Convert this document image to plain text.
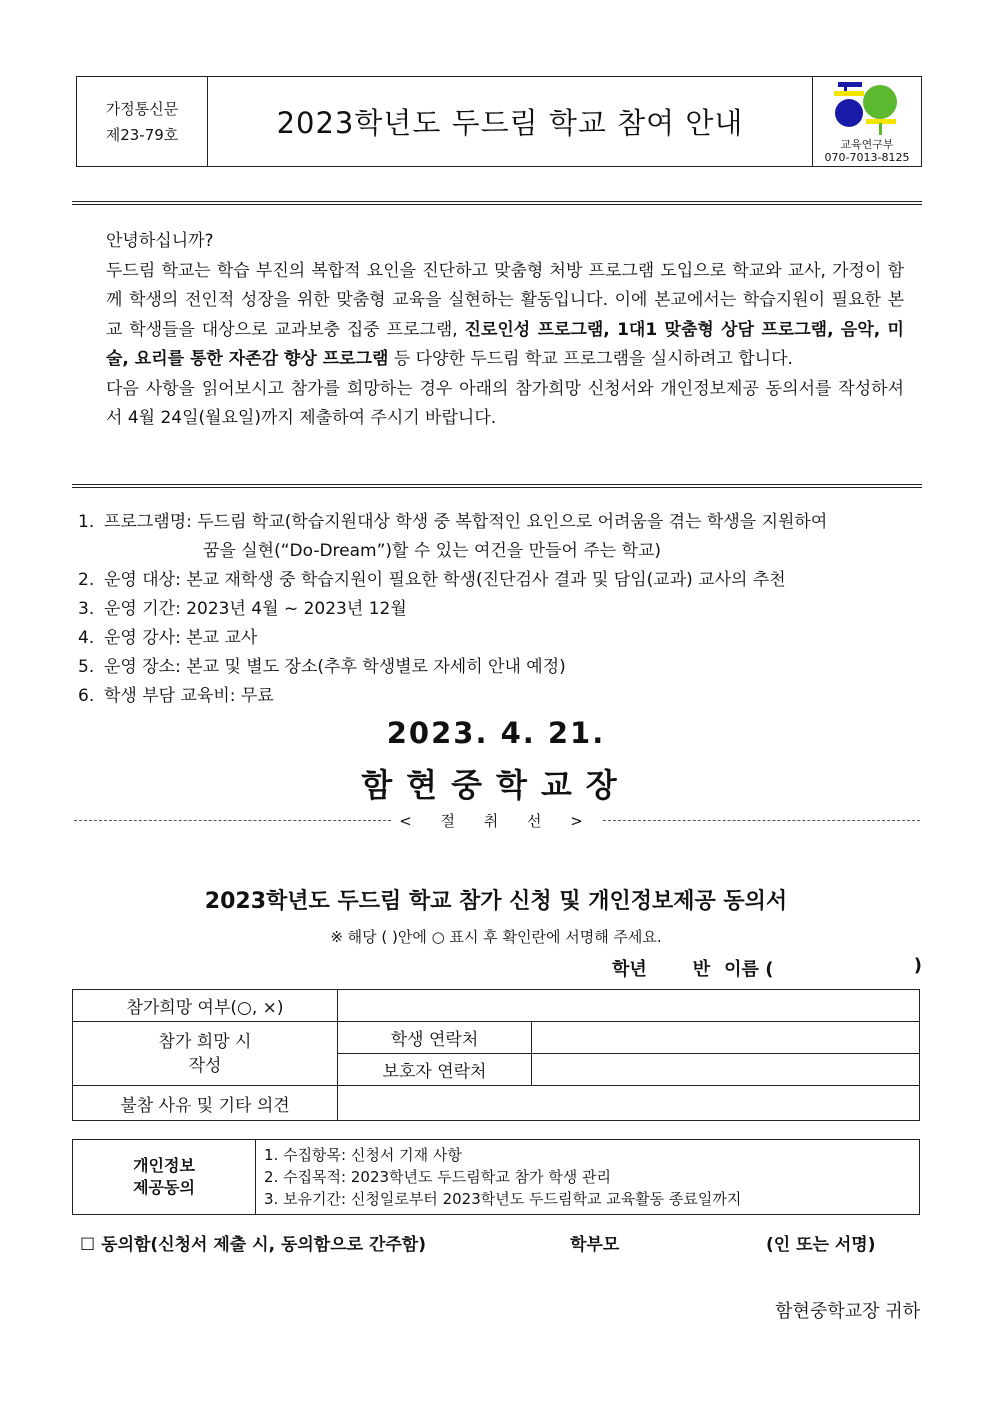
가정통신문
제23-79호	2023학년도 두드림 학교 참여 안내
교육연구부
070-7013-8125

안녕하십니까?

두드림 학교는 학습 부진의 복합적 요인을 진단하고 맞춤형 처방 프로그램 도입으로 학교와 교사, 가정이 함께 학생의 전인적 성장을 위한 맞춤형 교육을 실현하는 활동입니다. 이에 본교에서는 학습지원이 필요한 본교 학생들을 대상으로 교과보충 집중 프로그램, 진로인성 프로그램, 1대1 맞춤형 상담 프로그램, 음악, 미술, 요리를 통한 자존감 향상 프로그램 등 다양한 두드림 학교 프로그램을 실시하려고 합니다.

다음 사항을 읽어보시고 참가를 희망하는 경우 아래의 참가희망 신청서와 개인정보제공 동의서를 작성하셔서 4월 24일(월요일)까지 제출하여 주시기 바랍니다.

1. 프로그램명: 두드림 학교(학습지원대상 학생 중 복합적인 요인으로 어려움을 겪는 학생을 지원하여
꿈을 실현(“Do-Dream”)할 수 있는 여건을 만들어 주는 학교)
2. 운영 대상: 본교 재학생 중 학습지원이 필요한 학생(진단검사 결과 및 담임(교과) 교사의 추천
3. 운영 기간: 2023년 4월 ~ 2023년 12월
4. 운영 강사: 본교 교사
5. 운영 장소: 본교 및 별도 장소(추후 학생별로 자세히 안내 예정)
6. 학생 부담 교육비: 무료
2023. 4. 21.
함현중학교장
< 절 취 선 >
2023학년도 두드림 학교 참가 신청 및 개인정보제공 동의서
※ 해당 ( )안에 ○ 표시 후 확인란에 서명해 주세요.
학년	반 이름 (	)
참가희망 여부(○, ×)		
참가 희망 시
작성	학생 연락처	
	보호자 연락처	
불참 사유 및 기타 의견		
개인정보
제공동의

1. 수집항목: 신청서 기재 사항
2. 수집목적: 2023학년도 두드림학교 참가 학생 관리
3. 보유기간: 신청일로부터 2023학년도 두드림학교 교육활동 종료일까지
☐ 동의함(신청서 제출 시, 동의함으로 간주함)	학부모	(인 또는 서명)
함현중학교장 귀하
